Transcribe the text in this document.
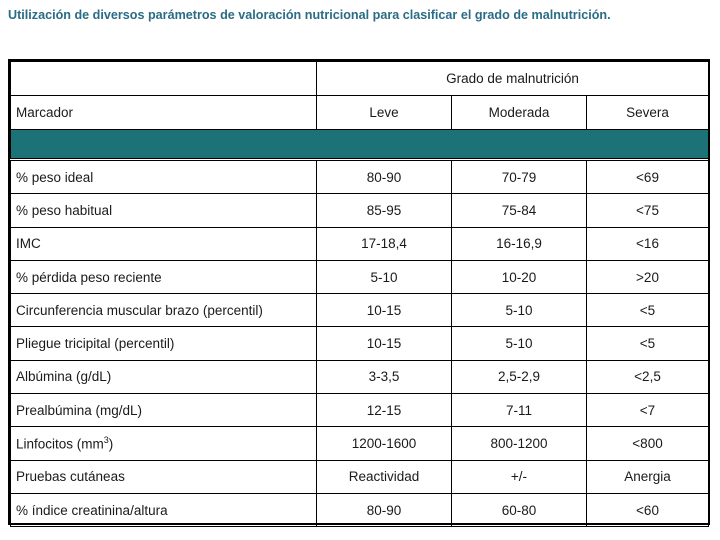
Utilización de diversos parámetros de valoración nutricional para clasificar el grado de malnutrición.
	Grado de malnutrición		
Marcador	Leve	Moderada	Severa

% peso ideal	80-90	70-79	<69
% peso habitual	85-95	75-84	<75
IMC	17-18,4	16-16,9	<16
% pérdida peso reciente	5-10	10-20	>20
Circunferencia muscular brazo (percentil)	10-15	5-10	<5
Pliegue tricipital (percentil)	10-15	5-10	<5
Albúmina (g/dL)	3-3,5	2,5-2,9	<2,5
Prealbúmina (mg/dL)	12-15	7-11	<7
Linfocitos $(mm^3)$	1200-1600	800-1200	<800
Pruebas cutáneas	Reactividad	+/-	Anergia
% índice creatinina/altura	80-90	60-80	<60
